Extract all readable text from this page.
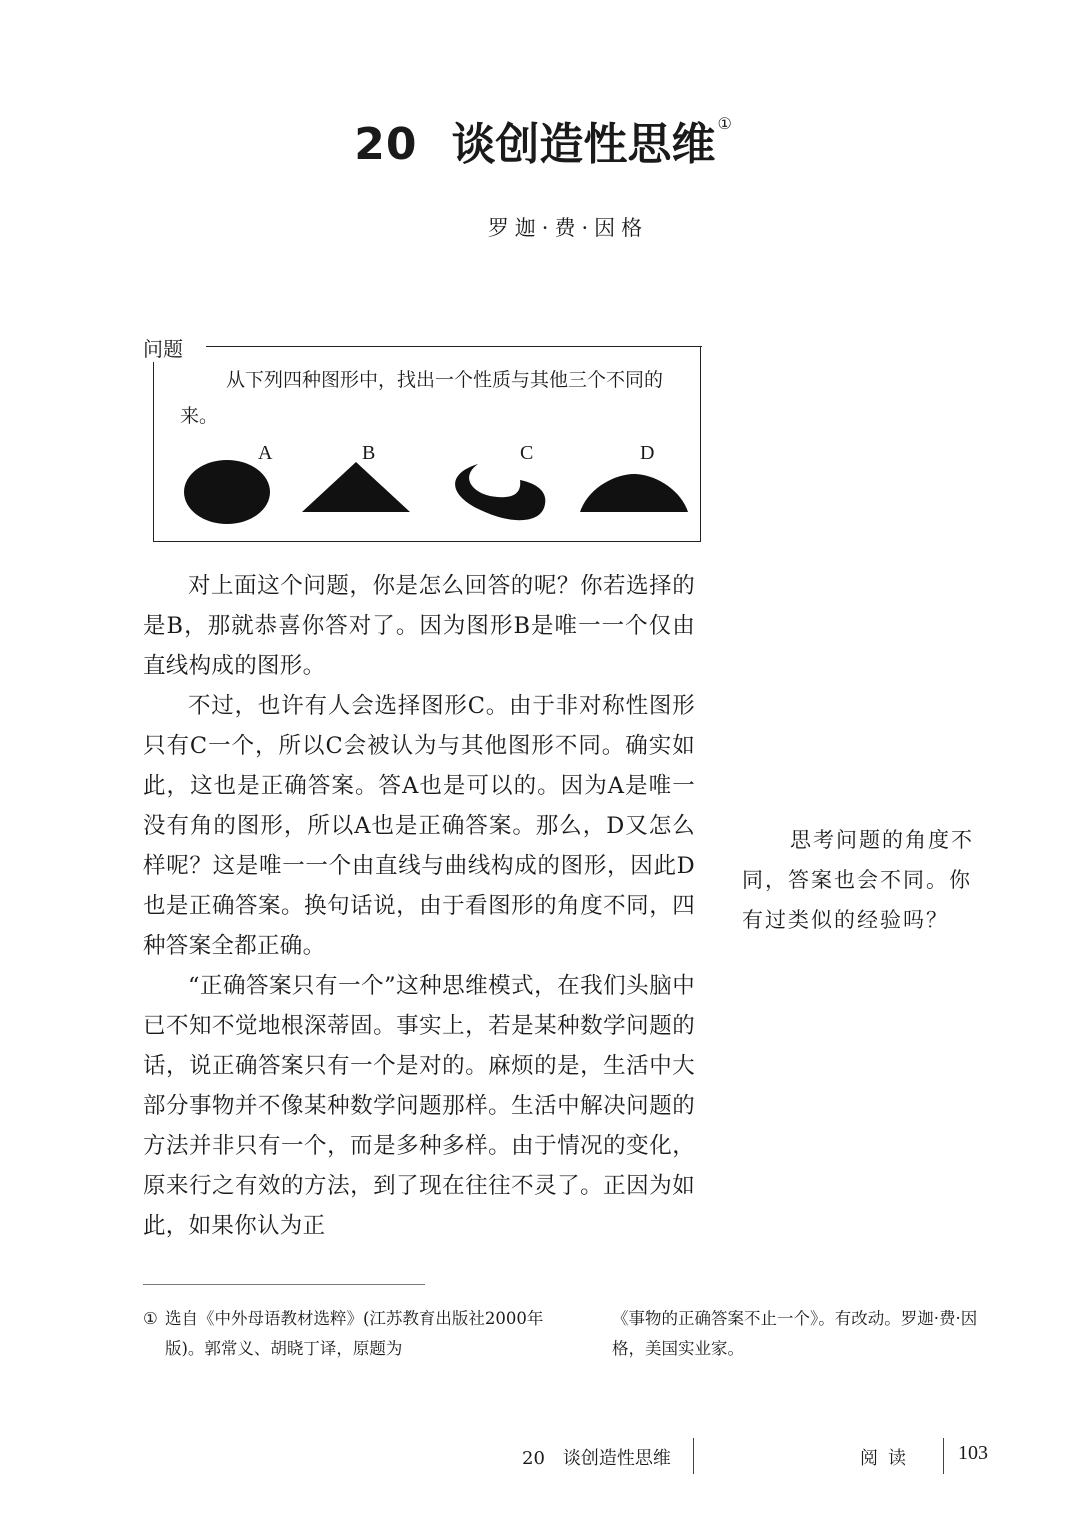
20 谈创造性思维 ①
罗迦·费·因格
问题
从下列四种图形中，找出一个性质与其他三个不同的来。
A	B	C	D

对上面这个问题，你是怎么回答的呢？你若选择的是B，那就恭喜你答对了。因为图形B是唯一一个仅由直线构成的图形。

不过，也许有人会选择图形C。由于非对称性图形只有C一个，所以C会被认为与其他图形不同。确实如此，这也是正确答案。答A也是可以的。因为A是唯一没有角的图形，所以A也是正确答案。那么，D又怎么样呢？这是唯一一个由直线与曲线构成的图形，因此D也是正确答案。换句话说，由于看图形的角度不同，四种答案全都正确。

“正确答案只有一个”这种思维模式，在我们头脑中已不知不觉地根深蒂固。事实上，若是某种数学问题的话，说正确答案只有一个是对的。麻烦的是，生活中大部分事物并不像某种数学问题那样。生活中解决问题的方法并非只有一个，而是多种多样。由于情况的变化，原来行之有效的方法，到了现在往往不灵了。正因为如此，如果你认为正

思考问题的角度不同，答案也会不同。你有过类似的经验吗？

① 选自《中外母语教材选粹》(江苏教育出版社2000年版)。郭常义、胡晓丁译，原题为
《事物的正确答案不止一个》。有改动。罗迦·费·因格，美国实业家。
20　谈创造性思维	阅读 103
